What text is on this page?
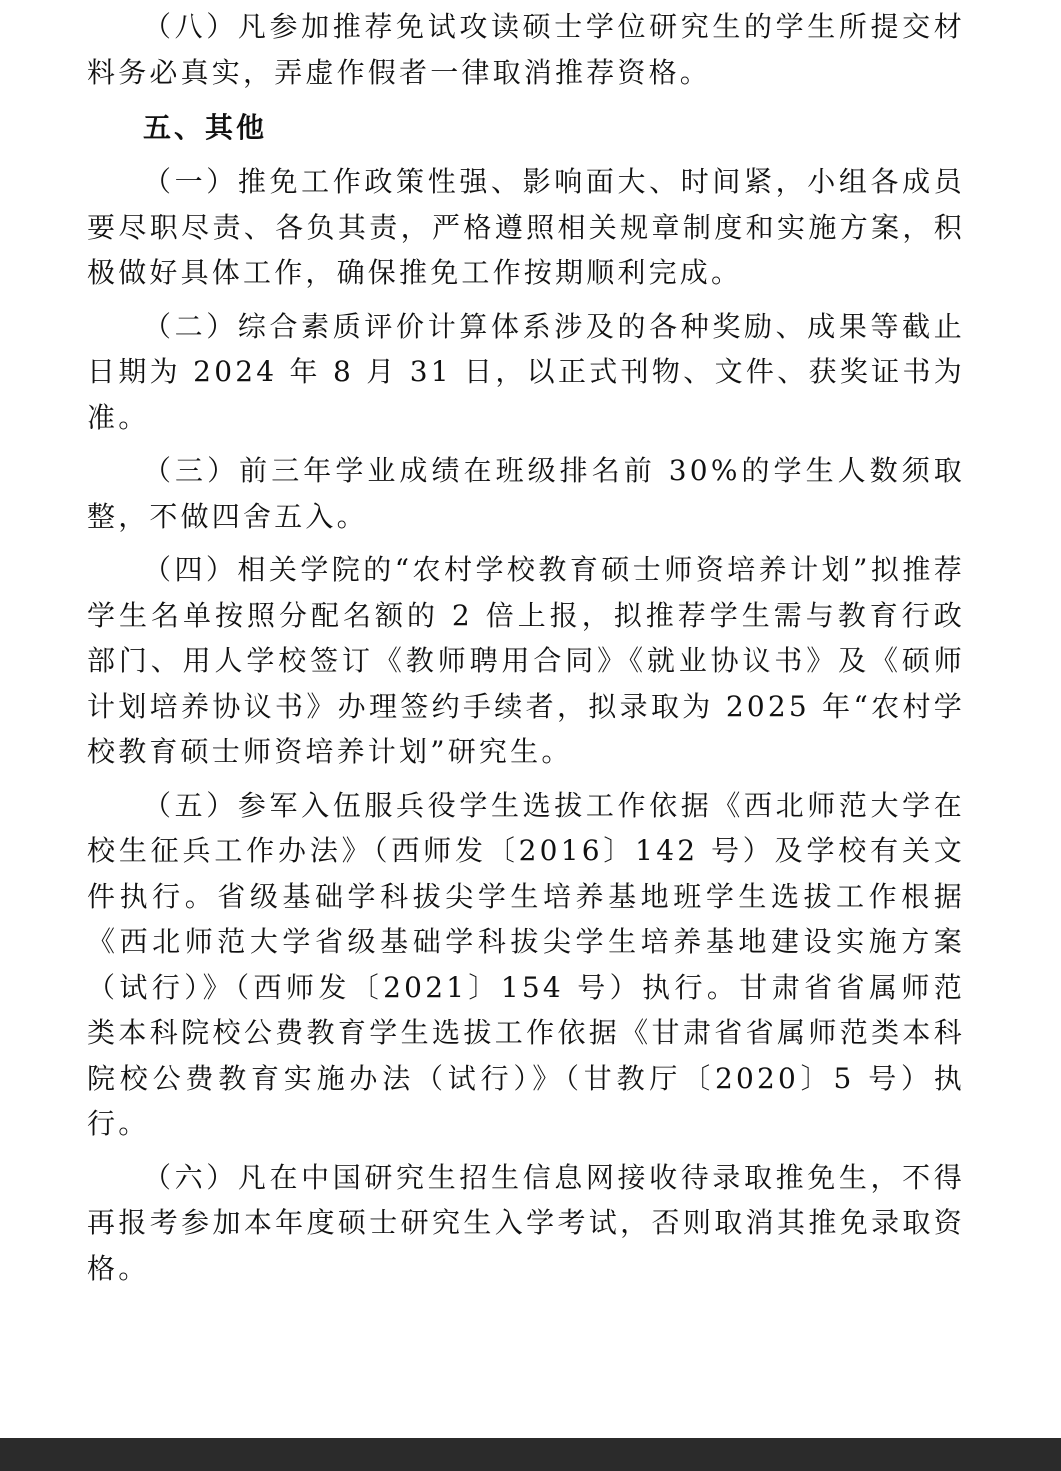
（八）凡参加推荐免试攻读硕士学位研究生的学生所提交材料务必真实，弄虚作假者一律取消推荐资格。

五、其他

（一）推免工作政策性强、影响面大、时间紧，小组各成员要尽职尽责、各负其责，严格遵照相关规章制度和实施方案，积极做好具体工作，确保推免工作按期顺利完成。

（二）综合素质评价计算体系涉及的各种奖励、成果等截止日期为 2024 年 8 月 31 日，以正式刊物、文件、获奖证书为准。

（三）前三年学业成绩在班级排名前 30%的学生人数须取整，不做四舍五入。

（四）相关学院的“农村学校教育硕士师资培养计划”拟推荐学生名单按照分配名额的 2 倍上报，拟推荐学生需与教育行政部门、用人学校签订《教师聘用合同》《就业协议书》及《硕师计划培养协议书》办理签约手续者，拟录取为 2025 年“农村学校教育硕士师资培养计划”研究生。

（五）参军入伍服兵役学生选拔工作依据《西北师范大学在校生征兵工作办法》（西师发〔2016〕142 号）及学校有关文件执行。省级基础学科拔尖学生培养基地班学生选拔工作根据《西北师范大学省级基础学科拔尖学生培养基地建设实施方案（试行）》（西师发〔2021〕154 号）执行。甘肃省省属师范类本科院校公费教育学生选拔工作依据《甘肃省省属师范类本科院校公费教育实施办法（试行）》（甘教厅〔2020〕5 号）执行。

（六）凡在中国研究生招生信息网接收待录取推免生，不得再报考参加本年度硕士研究生入学考试，否则取消其推免录取资格。
